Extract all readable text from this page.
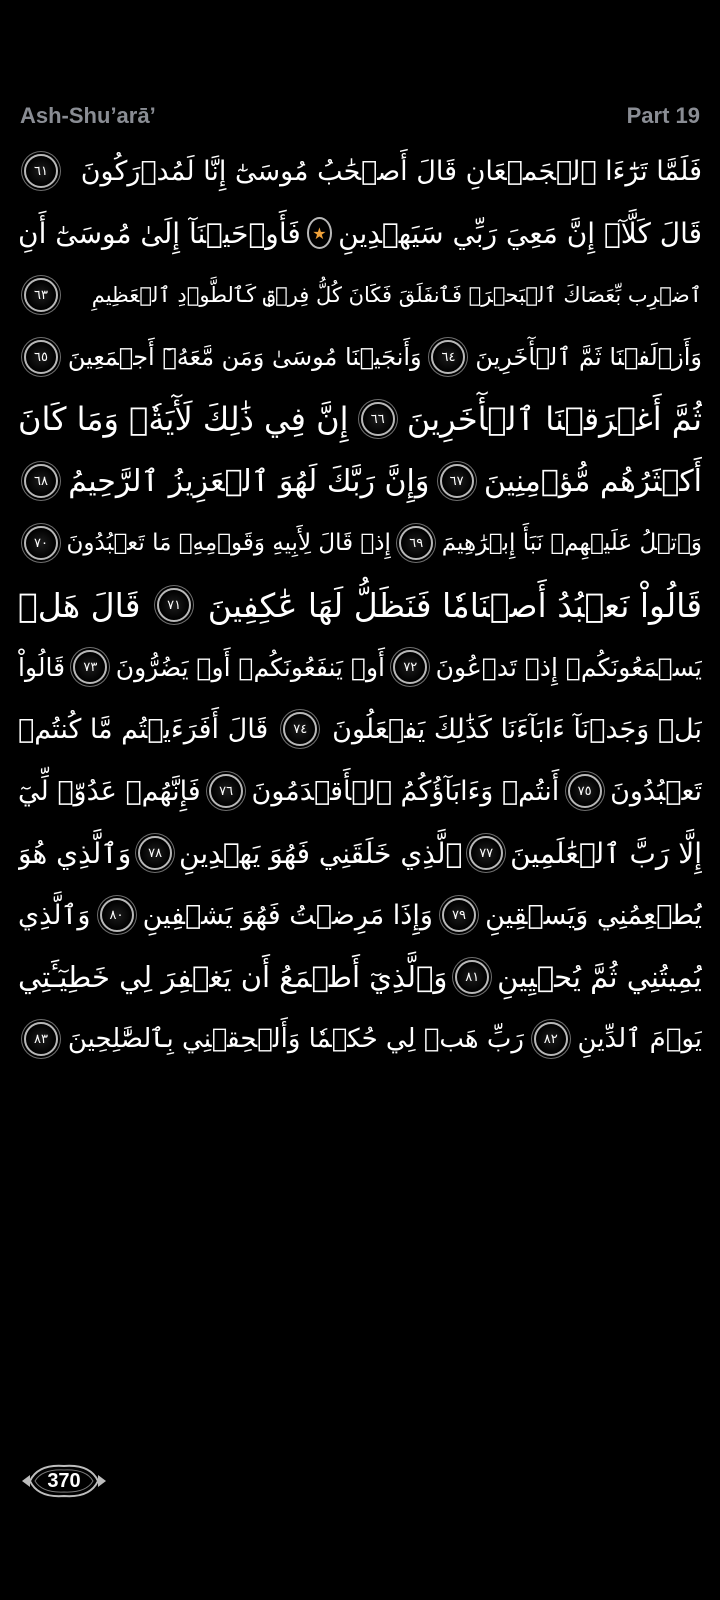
Ash-Shu’arā’	Part 19
فَلَمَّا تَرَٰٓءَا ٱلۡجَمۡعَانِ قَالَ أَصۡحَٰبُ مُوسَىٰٓ إِنَّا لَمُدۡرَكُونَ
٦١
قَالَ كَلَّآۖ إِنَّ مَعِيَ رَبِّي سَيَهۡدِينِ
★
فَأَوۡحَيۡنَآ إِلَىٰ مُوسَىٰٓ أَنِ
ٱضۡرِب بِّعَصَاكَ ٱلۡبَحۡرَۖ فَٱنفَلَقَ فَكَانَ كُلُّ فِرۡقٖ كَٱلطَّوۡدِ ٱلۡعَظِيمِ
٦٣
وَأَزۡلَفۡنَا ثَمَّ ٱلۡأٓخَرِينَ
٦٤
وَأَنجَيۡنَا مُوسَىٰ وَمَن مَّعَهُۥٓ أَجۡمَعِينَ
٦٥
ثُمَّ أَغۡرَقۡنَا ٱلۡأٓخَرِينَ
٦٦
إِنَّ فِي ذَٰلِكَ لَأٓيَةٗۖ وَمَا كَانَ
أَكۡثَرُهُم مُّؤۡمِنِينَ
٦٧
وَإِنَّ رَبَّكَ لَهُوَ ٱلۡعَزِيزُ ٱلرَّحِيمُ
٦٨
وَٱتۡلُ عَلَيۡهِمۡ نَبَأَ إِبۡرَٰهِيمَ
٦٩
إِذۡ قَالَ لِأَبِيهِ وَقَوۡمِهِۦ مَا تَعۡبُدُونَ
٧٠
قَالُواْ نَعۡبُدُ أَصۡنَامٗا فَنَظَلُّ لَهَا عَٰكِفِينَ
٧١
قَالَ هَلۡ
يَسۡمَعُونَكُمۡ إِذۡ تَدۡعُونَ
٧٢
أَوۡ يَنفَعُونَكُمۡ أَوۡ يَضُرُّونَ
٧٣
قَالُواْ
بَلۡ وَجَدۡنَآ ءَابَآءَنَا كَذَٰلِكَ يَفۡعَلُونَ
٧٤
قَالَ أَفَرَءَيۡتُم مَّا كُنتُمۡ
تَعۡبُدُونَ
٧٥
أَنتُمۡ وَءَابَآؤُكُمُ ٱلۡأَقۡدَمُونَ
٧٦
فَإِنَّهُمۡ عَدُوّٞ لِّيٓ
إِلَّا رَبَّ ٱلۡعَٰلَمِينَ
٧٧
ٱلَّذِي خَلَقَنِي فَهُوَ يَهۡدِينِ
٧٨
وَٱلَّذِي هُوَ
يُطۡعِمُنِي وَيَسۡقِينِ
٧٩
وَإِذَا مَرِضۡتُ فَهُوَ يَشۡفِينِ
٨٠
وَٱلَّذِي
يُمِيتُنِي ثُمَّ يُحۡيِينِ
٨١
وَٱلَّذِيٓ أَطۡمَعُ أَن يَغۡفِرَ لِي خَطِيٓـَٔتِي
يَوۡمَ ٱلدِّينِ
٨٢
رَبِّ هَبۡ لِي حُكۡمٗا وَأَلۡحِقۡنِي بِٱلصَّٰلِحِينَ
٨٣
370
